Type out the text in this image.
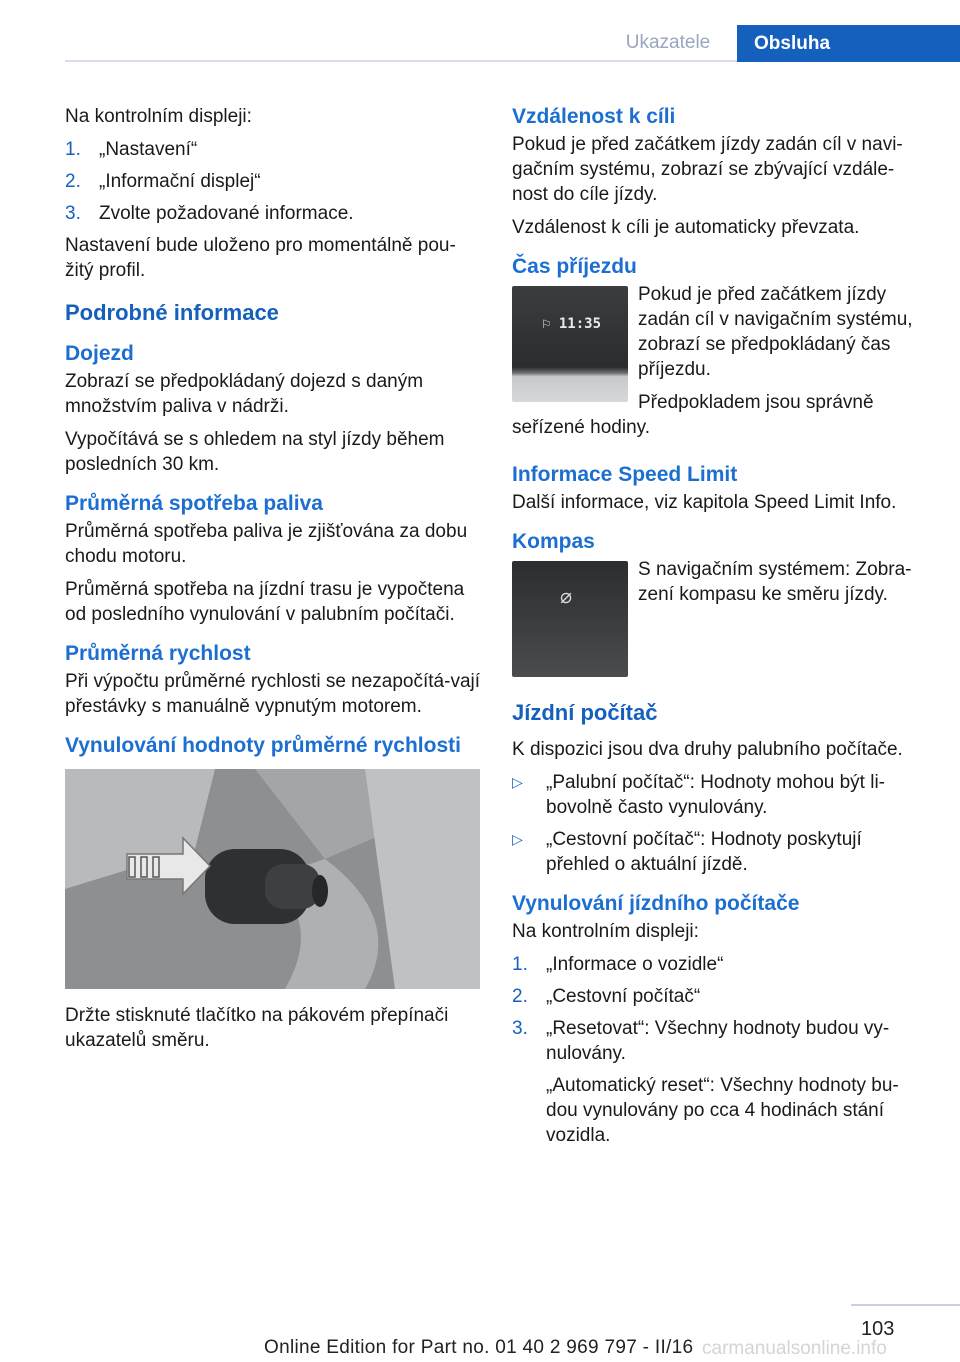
Ukazatele	Obsluha

Na kontrolním displeji:

1. „Nastavení“
2. „Informační displej“
3. Zvolte požadované informace.

Nastavení bude uloženo pro momentálně pou‐žitý profil.

Podrobné informace
Dojezd

Zobrazí se předpokládaný dojezd s daným množstvím paliva v nádrži.

Vypočítává se s ohledem na styl jízdy během posledních 30 km.

Průměrná spotřeba paliva

Průměrná spotřeba paliva je zjišťována za dobu chodu motoru.

Průměrná spotřeba na jízdní trasu je vypočtena od posledního vynulování v palubním počítači.

Průměrná rychlost

Při výpočtu průměrné rychlosti se nezapočítá‐vají přestávky s manuálně vypnutým motorem.

Vynulování hodnoty průměrné rychlosti

Držte stisknuté tlačítko na pákovém přepínači ukazatelů směru.

Vzdálenost k cíli

Pokud je před začátkem jízdy zadán cíl v navi‐gačním systému, zobrazí se zbývající vzdále‐nost do cíle jízdy.

Vzdálenost k cíli je automaticky převzata.

Čas příjezdu
⚐ 11:35

Pokud je před začátkem jízdy zadán cíl v navigačním systému, zobrazí se předpokládaný čas příjezdu.

Předpokladem jsou správně seřízené hodiny.

Informace Speed Limit

Další informace, viz kapitola Speed Limit Info.

Kompas
⌀

S navigačním systémem: Zobra‐zení kompasu ke směru jízdy.

Jízdní počítač

K dispozici jsou dva druhy palubního počítače.

▷	„Palubní počítač“: Hodnoty mohou být li‐bovolně často vynulovány.
▷	„Cestovní počítač“: Hodnoty poskytují přehled o aktuální jízdě.
Vynulování jízdního počítače

Na kontrolním displeji:

1. „Informace o vozidle“
2. „Cestovní počítač“
3. „Resetovat“: Všechny hodnoty budou vy‐nulovány.
„Automatický reset“: Všechny hodnoty bu‐dou vynulovány po cca 4 hodinách stání vozidla.
103
Online Edition for Part no. 01 40 2 969 797 - II/16 carmanualsonline.info
